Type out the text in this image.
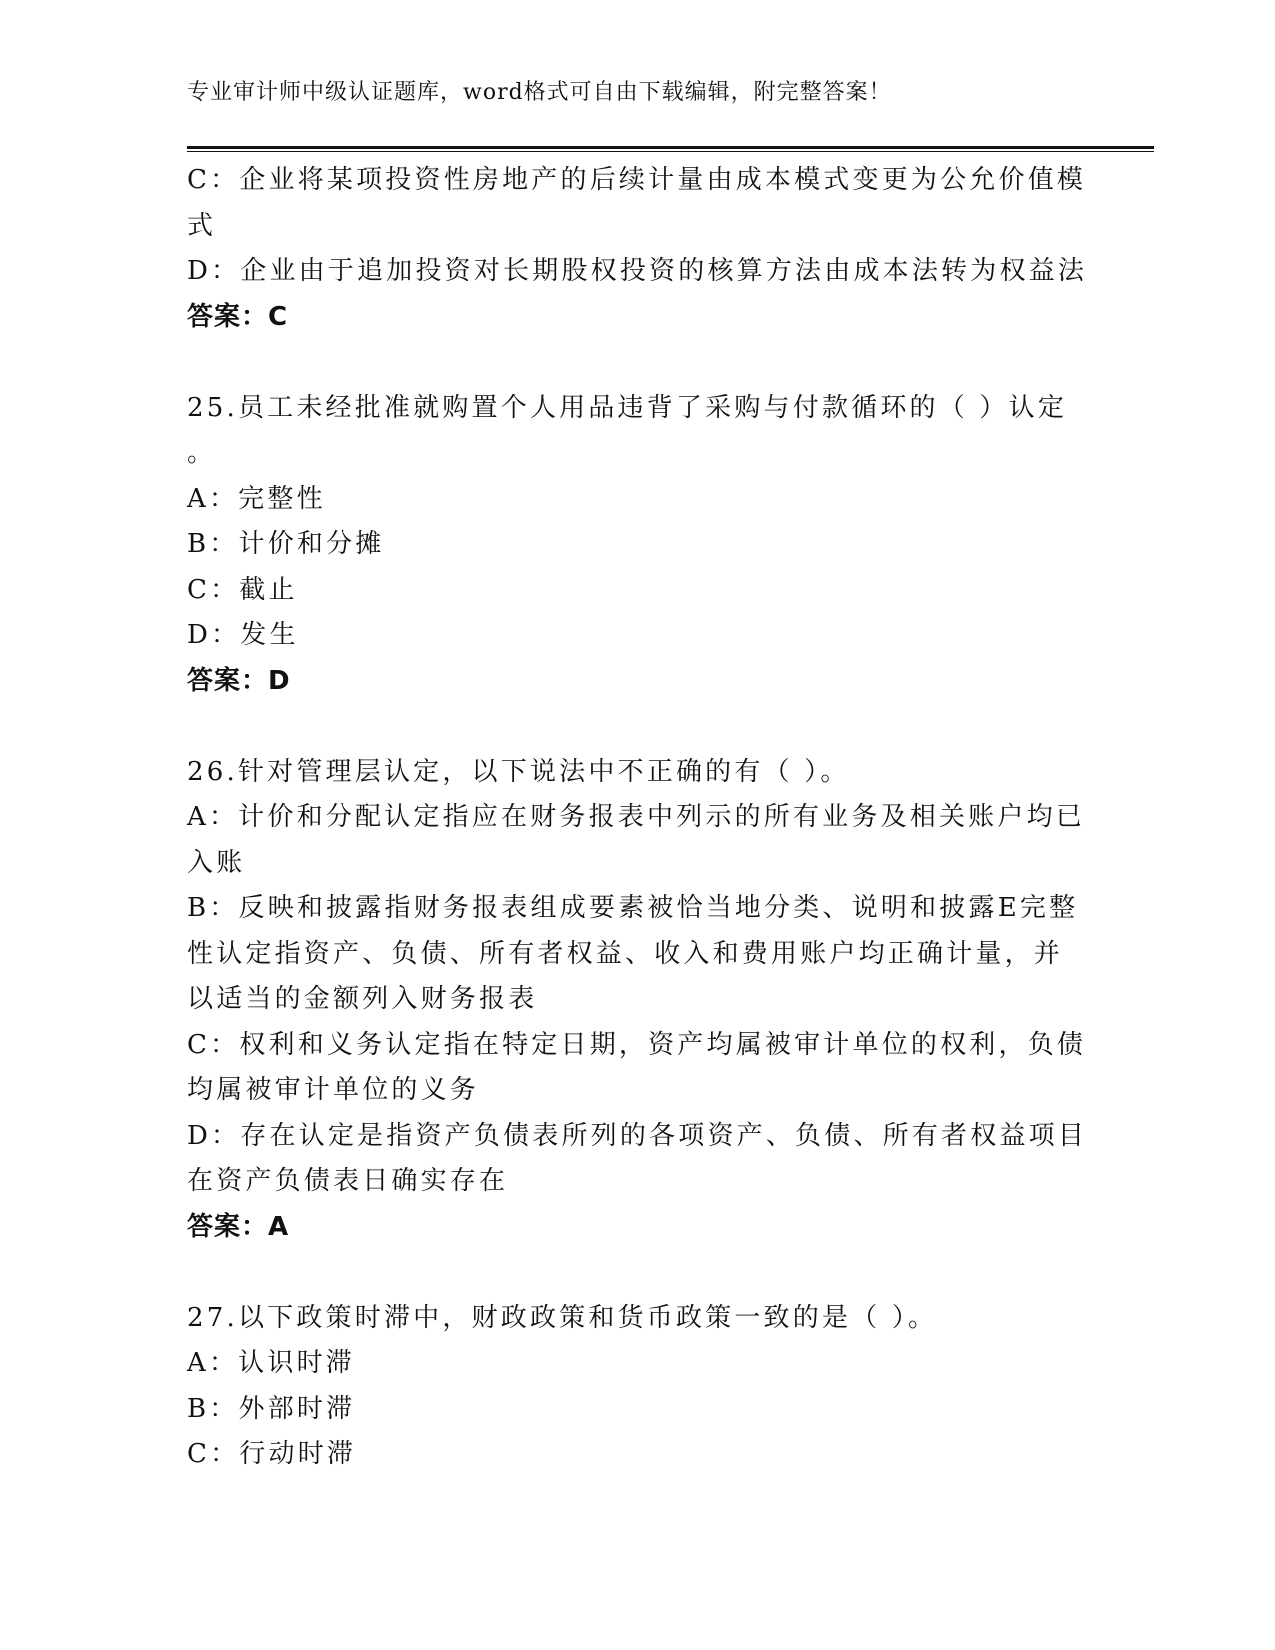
专业审计师中级认证题库，word格式可自由下载编辑，附完整答案！
C：企业将某项投资性房地产的后续计量由成本模式变更为公允价值模
式
D：企业由于追加投资对长期股权投资的核算方法由成本法转为权益法
答案：C
25.员工未经批准就购置个人用品违背了采购与付款循环的（ ）认定
。
A：完整性
B：计价和分摊
C：截止
D：发生
答案：D
26.针对管理层认定，以下说法中不正确的有（ ）。
A：计价和分配认定指应在财务报表中列示的所有业务及相关账户均已
入账
B：反映和披露指财务报表组成要素被恰当地分类、说明和披露E完整
性认定指资产、负债、所有者权益、收入和费用账户均正确计量，并
以适当的金额列入财务报表
C：权利和义务认定指在特定日期，资产均属被审计单位的权利，负债
均属被审计单位的义务
D：存在认定是指资产负债表所列的各项资产、负债、所有者权益项目
在资产负债表日确实存在
答案：A
27.以下政策时滞中，财政政策和货币政策一致的是（ ）。
A：认识时滞
B：外部时滞
C：行动时滞
